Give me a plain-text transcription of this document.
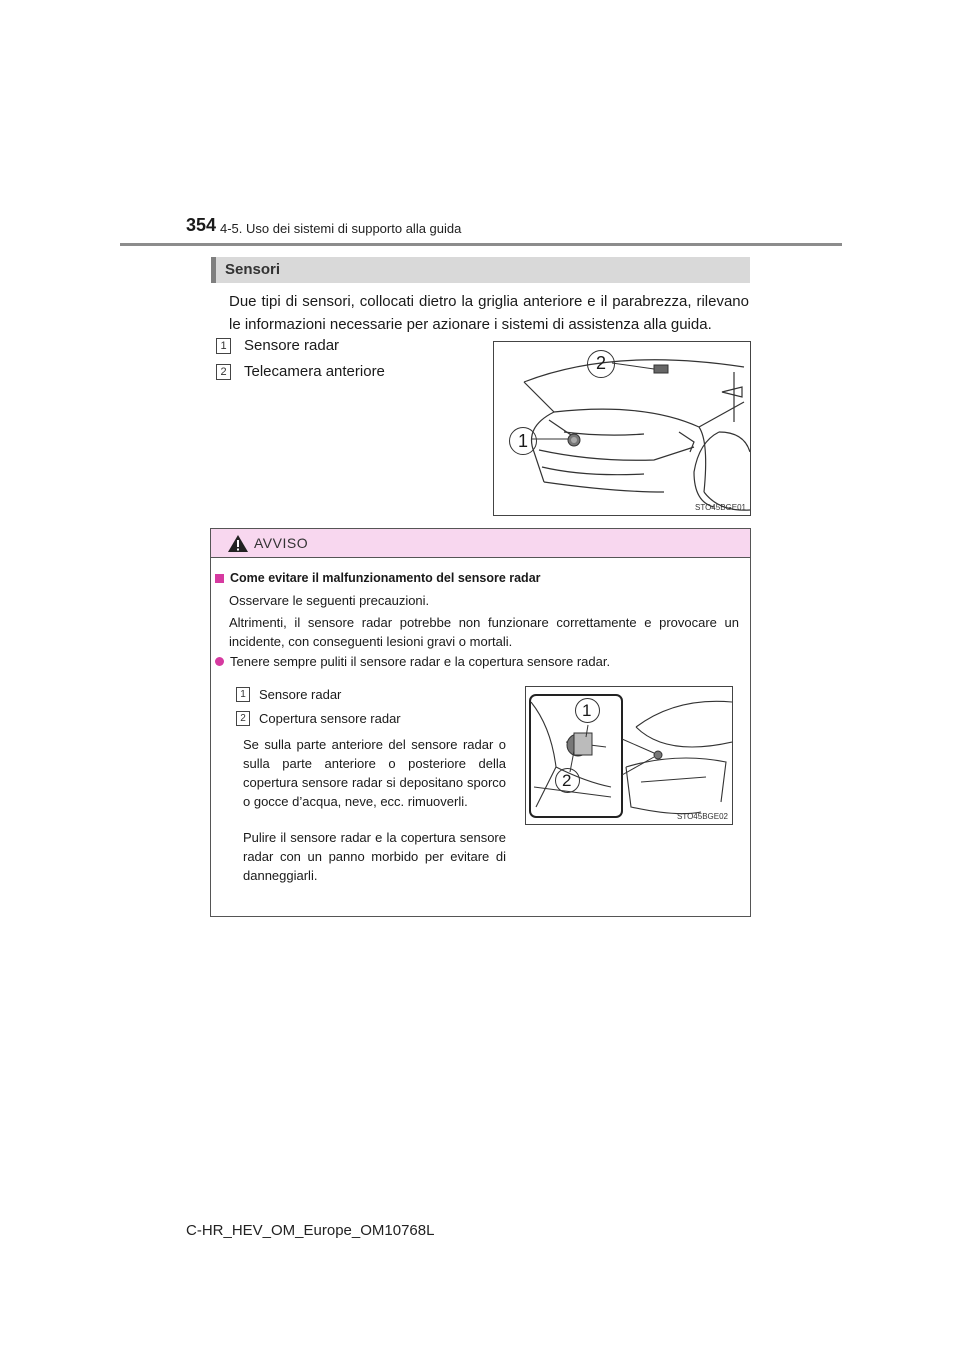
354 4-5. Uso dei sistemi di supporto alla guida
Sensori
Due tipi di sensori, collocati dietro la griglia anteriore e il parabrezza, rilevano le informazioni necessarie per azionare i sistemi di assistenza alla guida.
1 Sensore radar
2 Telecamera anteriore
STO45BGE01
1
2
AVVISO
Come evitare il malfunzionamento del sensore radar
Osservare le seguenti precauzioni.
Altrimenti, il sensore radar potrebbe non funzionare correttamente e provocare un incidente, con conseguenti lesioni gravi o mortali.
Tenere sempre puliti il sensore radar e la copertura sensore radar.
1	Sensore radar
2	Copertura sensore radar
Se sulla parte anteriore del sensore radar o sulla parte anteriore o posteriore della copertura sensore radar si depositano sporco o gocce d’acqua, neve, ecc. rimuoverli.
Pulire il sensore radar e la copertura sensore radar con un panno morbido per evitare di danneggiarli.
STO45BGE02
1
2
C-HR_HEV_OM_Europe_OM10768L
